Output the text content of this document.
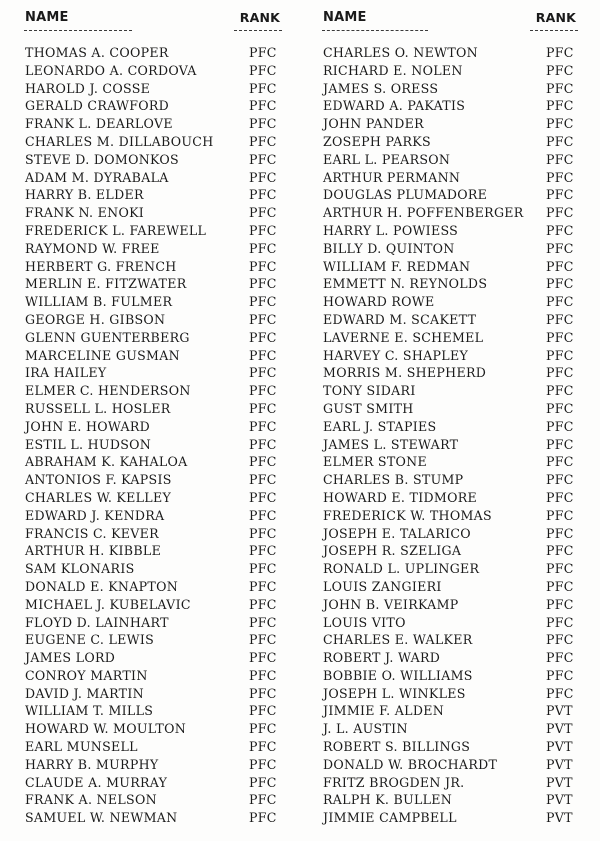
NAME	RANK
THOMAS A. COOPER	PFC
LEONARDO A. CORDOVA	PFC
HAROLD J. COSSE	PFC
GERALD CRAWFORD	PFC
FRANK L. DEARLOVE	PFC
CHARLES M. DILLABOUCH	PFC
STEVE D. DOMONKOS	PFC
ADAM M. DYRABALA	PFC
HARRY B. ELDER	PFC
FRANK N. ENOKI	PFC
FREDERICK L. FAREWELL	PFC
RAYMOND W. FREE	PFC
HERBERT G. FRENCH	PFC
MERLIN E. FITZWATER	PFC
WILLIAM B. FULMER	PFC
GEORGE H. GIBSON	PFC
GLENN GUENTERBERG	PFC
MARCELINE GUSMAN	PFC
IRA HAILEY	PFC
ELMER C. HENDERSON	PFC
RUSSELL L. HOSLER	PFC
JOHN E. HOWARD	PFC
ESTIL L. HUDSON	PFC
ABRAHAM K. KAHALOA	PFC
ANTONIOS F. KAPSIS	PFC
CHARLES W. KELLEY	PFC
EDWARD J. KENDRA	PFC
FRANCIS C. KEVER	PFC
ARTHUR H. KIBBLE	PFC
SAM KLONARIS	PFC
DONALD E. KNAPTON	PFC
MICHAEL J. KUBELAVIC	PFC
FLOYD D. LAINHART	PFC
EUGENE C. LEWIS	PFC
JAMES LORD	PFC
CONROY MARTIN	PFC
DAVID J. MARTIN	PFC
WILLIAM T. MILLS	PFC
HOWARD W. MOULTON	PFC
EARL MUNSELL	PFC
HARRY B. MURPHY	PFC
CLAUDE A. MURRAY	PFC
FRANK A. NELSON	PFC
SAMUEL W. NEWMAN	PFC
NAME	RANK
CHARLES O. NEWTON	PFC
RICHARD E. NOLEN	PFC
JAMES S. ORESS	PFC
EDWARD A. PAKATIS	PFC
JOHN PANDER	PFC
ZOSEPH PARKS	PFC
EARL L. PEARSON	PFC
ARTHUR PERMANN	PFC
DOUGLAS PLUMADORE	PFC
ARTHUR H. POFFENBERGER PFC
HARRY L. POWIESS	PFC
BILLY D. QUINTON	PFC
WILLIAM F. REDMAN	PFC
EMMETT N. REYNOLDS	PFC
HOWARD ROWE	PFC
EDWARD M. SCAKETT	PFC
LAVERNE E. SCHEMEL	PFC
HARVEY C. SHAPLEY	PFC
MORRIS M. SHEPHERD	PFC
TONY SIDARI	PFC
GUST SMITH	PFC
EARL J. STAPIES	PFC
JAMES L. STEWART	PFC
ELMER STONE	PFC
CHARLES B. STUMP	PFC
HOWARD E. TIDMORE	PFC
FREDERICK W. THOMAS	PFC
JOSEPH E. TALARICO	PFC
JOSEPH R. SZELIGA	PFC
RONALD L. UPLINGER	PFC
LOUIS ZANGIERI	PFC
JOHN B. VEIRKAMP	PFC
LOUIS VITO	PFC
CHARLES E. WALKER	PFC
ROBERT J. WARD	PFC
BOBBIE O. WILLIAMS	PFC
JOSEPH L. WINKLES	PFC
JIMMIE F. ALDEN	PVT
J. L. AUSTIN	PVT
ROBERT S. BILLINGS	PVT
DONALD W. BROCHARDT	PVT
FRITZ BROGDEN JR.	PVT
RALPH K. BULLEN	PVT
JIMMIE CAMPBELL	PVT
